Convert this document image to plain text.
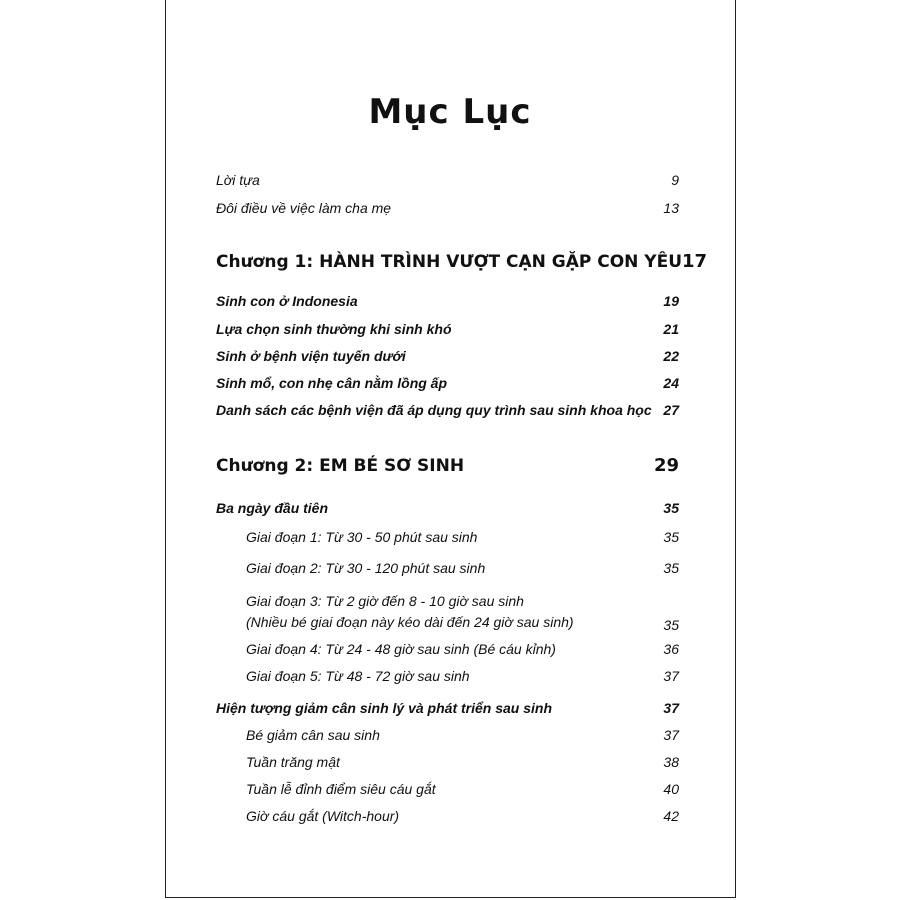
Mục Lục
Lời tựa	9
Đôi điều về việc làm cha mẹ	13
Chương 1: HÀNH TRÌNH VƯỢT CẠN GẶP CON YÊU 17
Sinh con ở Indonesia	19
Lựa chọn sinh thường khi sinh khó	21
Sinh ở bệnh viện tuyến dưới	22
Sinh mổ, con nhẹ cân nằm lồng ấp	24
Danh sách các bệnh viện đã áp dụng quy trình sau sinh khoa học 27
Chương 2: EM BÉ SƠ SINH	29
Ba ngày đầu tiên	35
Giai đoạn 1: Từ 30 - 50 phút sau sinh	35
Giai đoạn 2: Từ 30 - 120 phút sau sinh	35
Giai đoạn 3: Từ 2 giờ đến 8 - 10 giờ sau sinh
(Nhiều bé giai đoạn này kéo dài đến 24 giờ sau sinh)	35
Giai đoạn 4: Từ 24 - 48 giờ sau sinh (Bé cáu kỉnh)	36
Giai đoạn 5: Từ 48 - 72 giờ sau sinh	37
Hiện tượng giảm cân sinh lý và phát triển sau sinh	37
Bé giảm cân sau sinh	37
Tuần trăng mật	38
Tuần lễ đỉnh điểm siêu cáu gắt	40
Giờ cáu gắt (Witch-hour)	42
